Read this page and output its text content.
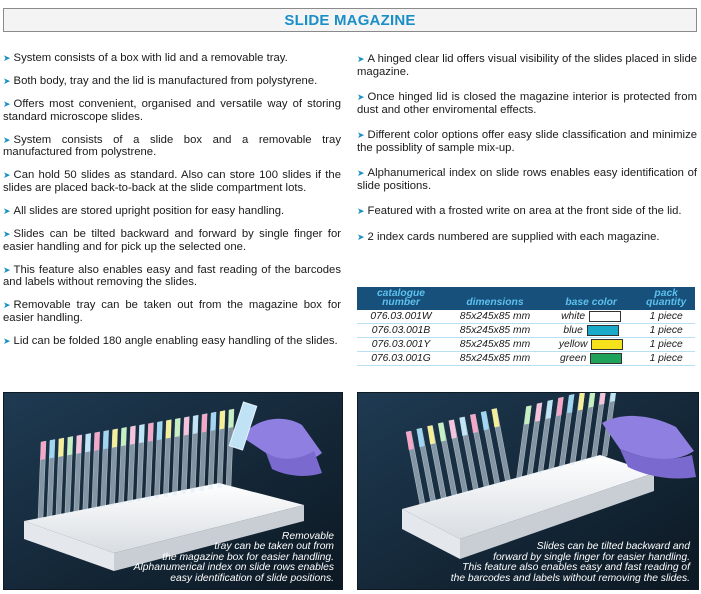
SLIDE MAGAZINE
➤ System consists of a box with lid and a removable tray.
➤ Both body, tray and the lid is manufactured from polystyrene.
➤ Offers most convenient, organised and versatile way of storing standard microscope slides.
➤ System consists of a slide box and a removable tray manufactured from polystrene.
➤ Can hold 50 slides as standard. Also can store 100 slides if the slides are placed back-to-back at the slide compartment lots.
➤ All slides are stored upright position for easy handling.
➤ Slides can be tilted backward and forward by single finger for easier handling and for pick up the selected one.
➤ This feature also enables easy and fast reading of the barcodes and labels without removing the slides.
➤ Removable tray can be taken out from the magazine box for easier handling.
➤ Lid can be folded 180 angle enabling easy handling of the slides.
➤ A hinged clear lid offers visual visibility of the slides placed in slide magazine.
➤ Once hinged lid is closed the magazine interior is protected from dust and other enviromental effects.
➤ Different color options offer easy slide classification and minimize the possiblity of sample mix-up.
➤ Alphanumerical index on slide rows enables easy identification of slide positions.
➤ Featured with a frosted write on area at the front side of the lid.
➤ 2 index cards numbered are supplied with each magazine.
catalogue
number	dimensions	base color	pack
quantity
076.03.001W	85x245x85 mm	white	1 piece
076.03.001B	85x245x85 mm	blue	1 piece
076.03.001Y	85x245x85 mm	yellow	1 piece
076.03.001G	85x245x85 mm	green	1 piece
Removable
tray can be taken out from
the magazine box for easier handling.
Alphanumerical index on slide rows enables
easy identification of slide positions.
Slides can be tilted backward and
forward by single finger for easier handling.
This feature also enables easy and fast reading of
the barcodes and labels without removing the slides.
